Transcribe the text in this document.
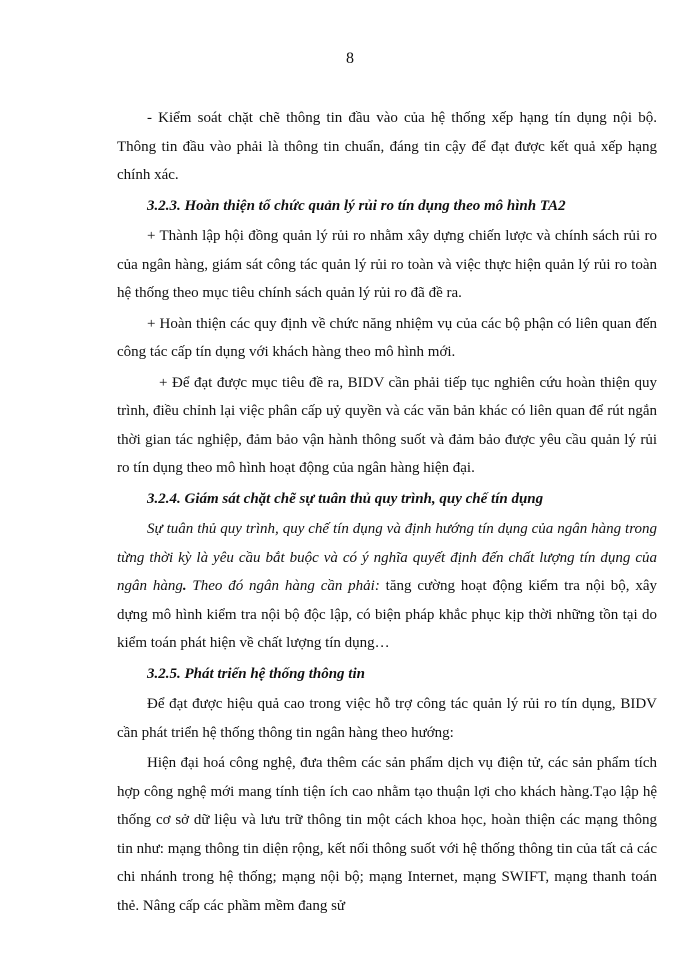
8

- Kiểm soát chặt chẽ thông tin đầu vào của hệ thống xếp hạng tín dụng nội bộ. Thông tin đầu vào phải là thông tin chuẩn, đáng tin cậy để đạt được kết quả xếp hạng chính xác.

3.2.3. Hoàn thiện tổ chức quản lý rủi ro tín dụng theo mô hình TA2

+ Thành lập hội đồng quản lý rủi ro nhằm xây dựng chiến lược và chính sách rủi ro của ngân hàng, giám sát công tác quản lý rủi ro toàn và việc thực hiện quản lý rủi ro toàn hệ thống theo mục tiêu chính sách quản lý rủi ro đã đề ra.

+ Hoàn thiện các quy định về chức năng nhiệm vụ của các bộ phận có liên quan đến công tác cấp tín dụng với khách hàng theo mô hình mới.

+ Để đạt được mục tiêu đề ra, BIDV cần phải tiếp tục nghiên cứu hoàn thiện quy trình, điều chỉnh lại việc phân cấp uỷ quyền và các văn bản khác có liên quan để rút ngắn thời gian tác nghiệp, đảm bảo vận hành thông suốt và đảm bảo được yêu cầu quản lý rủi ro tín dụng theo mô hình hoạt động của ngân hàng hiện đại.

3.2.4. Giám sát chặt chẽ sự tuân thủ quy trình, quy chế tín dụng

Sự tuân thủ quy trình, quy chế tín dụng và định hướng tín dụng của ngân hàng trong từng thời kỳ là yêu cầu bắt buộc và có ý nghĩa quyết định đến chất lượng tín dụng của ngân hàng. Theo đó ngân hàng cần phải: tăng cường hoạt động kiểm tra nội bộ, xây dựng mô hình kiểm tra nội bộ độc lập, có biện pháp khắc phục kịp thời những tồn tại do kiểm toán phát hiện về chất lượng tín dụng…

3.2.5. Phát triển hệ thống thông tin

Để đạt được hiệu quả cao trong việc hỗ trợ công tác quản lý rủi ro tín dụng, BIDV cần phát triển hệ thống thông tin ngân hàng theo hướng:

Hiện đại hoá công nghệ, đưa thêm các sản phẩm dịch vụ điện tử, các sản phẩm tích hợp công nghệ mới mang tính tiện ích cao nhằm tạo thuận lợi cho khách hàng.Tạo lập hệ thống cơ sở dữ liệu và lưu trữ thông tin một cách khoa học, hoàn thiện các mạng thông tin như: mạng thông tin diện rộng, kết nối thông suốt với hệ thống thông tin của tất cả các chi nhánh trong hệ thống; mạng nội bộ; mạng Internet, mạng SWIFT, mạng thanh toán thẻ. Nâng cấp các phầm mềm đang sử
